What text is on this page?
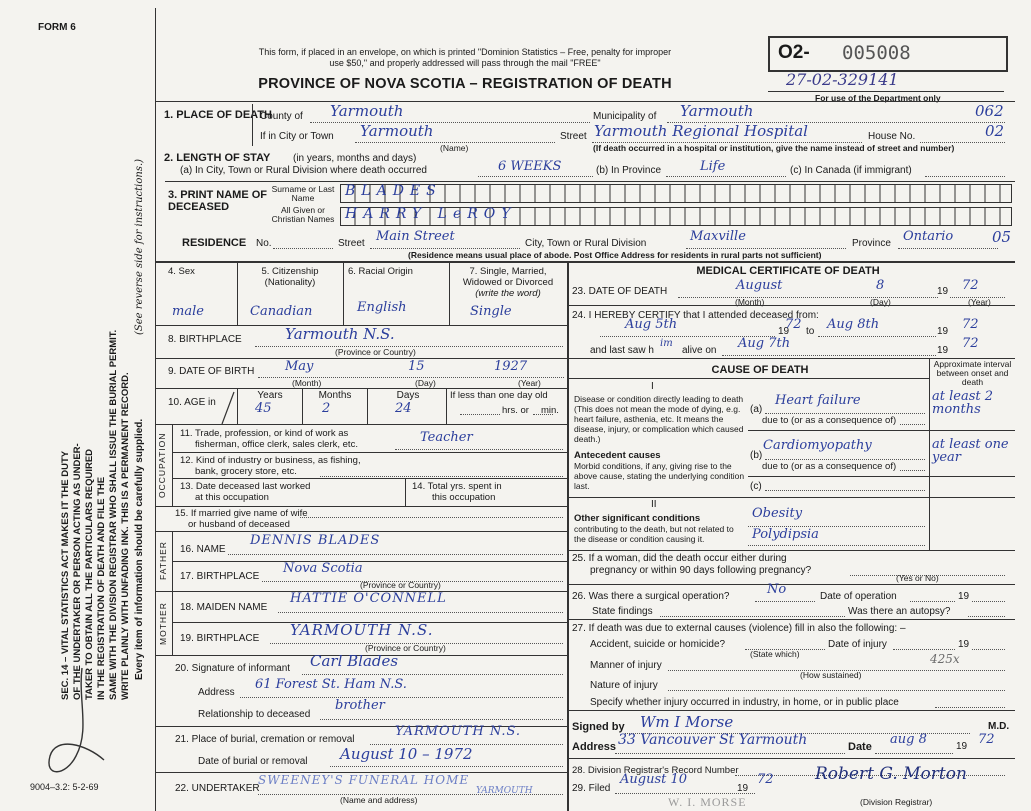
FORM 6
This form, if placed in an envelope, on which is printed "Dominion Statistics – Free, penalty for improper
use $50," and properly addressed will pass through the mail "FREE"
PROVINCE OF NOVA SCOTIA – REGISTRATION OF DEATH
O2- 005008
27-02-329141
For use of the Department only
SEC. 14 – VITAL STATISTICS ACT MAKES IT THE DUTY OF THE UNDERTAKER OR PERSON ACTING AS UNDER- TAKER TO OBTAIN ALL THE PARTICULARS REQUIRED IN THE REGISTRATION OF DEATH AND FILE THE SAME WITH THE DIVISION REGISTRAR WHO SHALL ISSUE THE BURIAL PERMIT. WRITE PLAINLY WITH UNFADING INK. THIS IS A PERMANENT RECORD.
(See reverse side for instructions.)
Every item of information should be carefully supplied.
9004–3.2: 5-2-69
1. PLACE OF DEATH
County of Yarmouth	Municipality of Yarmouth	062
If in City or Town Yarmouth
(Name)
Street Yarmouth Regional Hospital	House No.	02
(If death occurred in a hospital or institution, give the name instead of street and number)
2. LENGTH OF STAY (in years, months and days)
(a) In City, Town or Rural Division where death occurred	6 WEEKS	(b) In Province	Life	(c) In Canada (if immigrant)
3. PRINT NAME OF DECEASED
Surname or Last Name
All Given or Christian Names
BLADES
HARRY LeROY
RESIDENCE No.	Street Main Street	City, Town or Rural Division	Maxville	Province Ontario	05
(Residence means usual place of abode. Post Office Address for residents in rural parts not sufficient)
4. Sex	5. Citizenship (Nationality)
6. Racial Origin	7. Single, Married, Widowed or Divorced
(write the word)
male	Canadian	English	Single
8. BIRTHPLACE	Yarmouth N.S.
(Province or Country)
9. DATE OF BIRTH May	15	1927
(Month)	(Day)	(Year)
10. AGE in
Years	Months	Days	If less than one day old
hrs. or min.
45	2	24
OCCUPATION 11. Trade, profession, or kind of work as
fisherman, office clerk, sales clerk, etc.	Teacher
12. Kind of industry or business, as fishing,
bank, grocery store, etc.
13. Date deceased last worked
at this occupation
14. Total yrs. spent in
this occupation
15. If married give name of wife
or husband of deceased
FATHER 16. NAME
DENNIS BLADES
17. BIRTHPLACE
Nova Scotia
(Province or Country)
MOTHER 18. MAIDEN NAME
HATTIE O'CONNELL
19. BIRTHPLACE YARMOUTH N.S.
(Province or Country)
20. Signature of informant Carl Blades
Address
61 Forest St. Ham N.S.
Relationship to deceased
brother
21. Place of burial, cremation or removal
YARMOUTH N.S.
Date of burial or removal August 10 – 1972
22. UNDERTAKER
SWEENEY'S FUNERAL HOME
YARMOUTH
(Name and address)
MEDICAL CERTIFICATE OF DEATH
23. DATE OF DEATH	August	8	19 72
(Month)	(Day)	(Year)
24. I HEREBY CERTIFY that I attended deceased from:
Aug 5th	19
72 to Aug 8th	19 72
and last saw h
im
alive on Aug 7th	19 72
CAUSE OF DEATH	Approximate interval between onset and death
I
Disease or condition directly leading to death (This does not mean the mode of dying, e.g. heart failure, asthenia, etc. It means the disease, injury, or complication which caused death.)
(a)
Heart failure	at least 2 months
due to (or as a consequence of)
Antecedent causes
Morbid conditions, if any, giving rise to the above cause, stating the underlying condition last.
(b)
Cardiomyopathy	at least one year
due to (or as a consequence of)
(c)
II
Other significant conditions
contributing to the death, but not related to the disease or condition causing it.
Obesity
Polydipsia
25. If a woman, did the death occur either during
pregnancy or within 90 days following pregnancy?
(Yes or No)
26. Was there a surgical operation?	No	Date of operation	19
State findings	Was there an autopsy?
27. If death was due to external causes (violence) fill in also the following: –
Accident, suicide or homicide?	Date of injury	19
(State which)	425x
Manner of injury
(How sustained)
Nature of injury
Specify whether injury occurred in industry, in home, or in public place
Signed by Wm I Morse	M.D.
Address 33 Vancouver St Yarmouth	Date aug 8	19 72
28. Division Registrar's Record Number
29. Filed
August 10
19
72 Robert G. Morton
(Division Registrar)
W. I. MORSE
